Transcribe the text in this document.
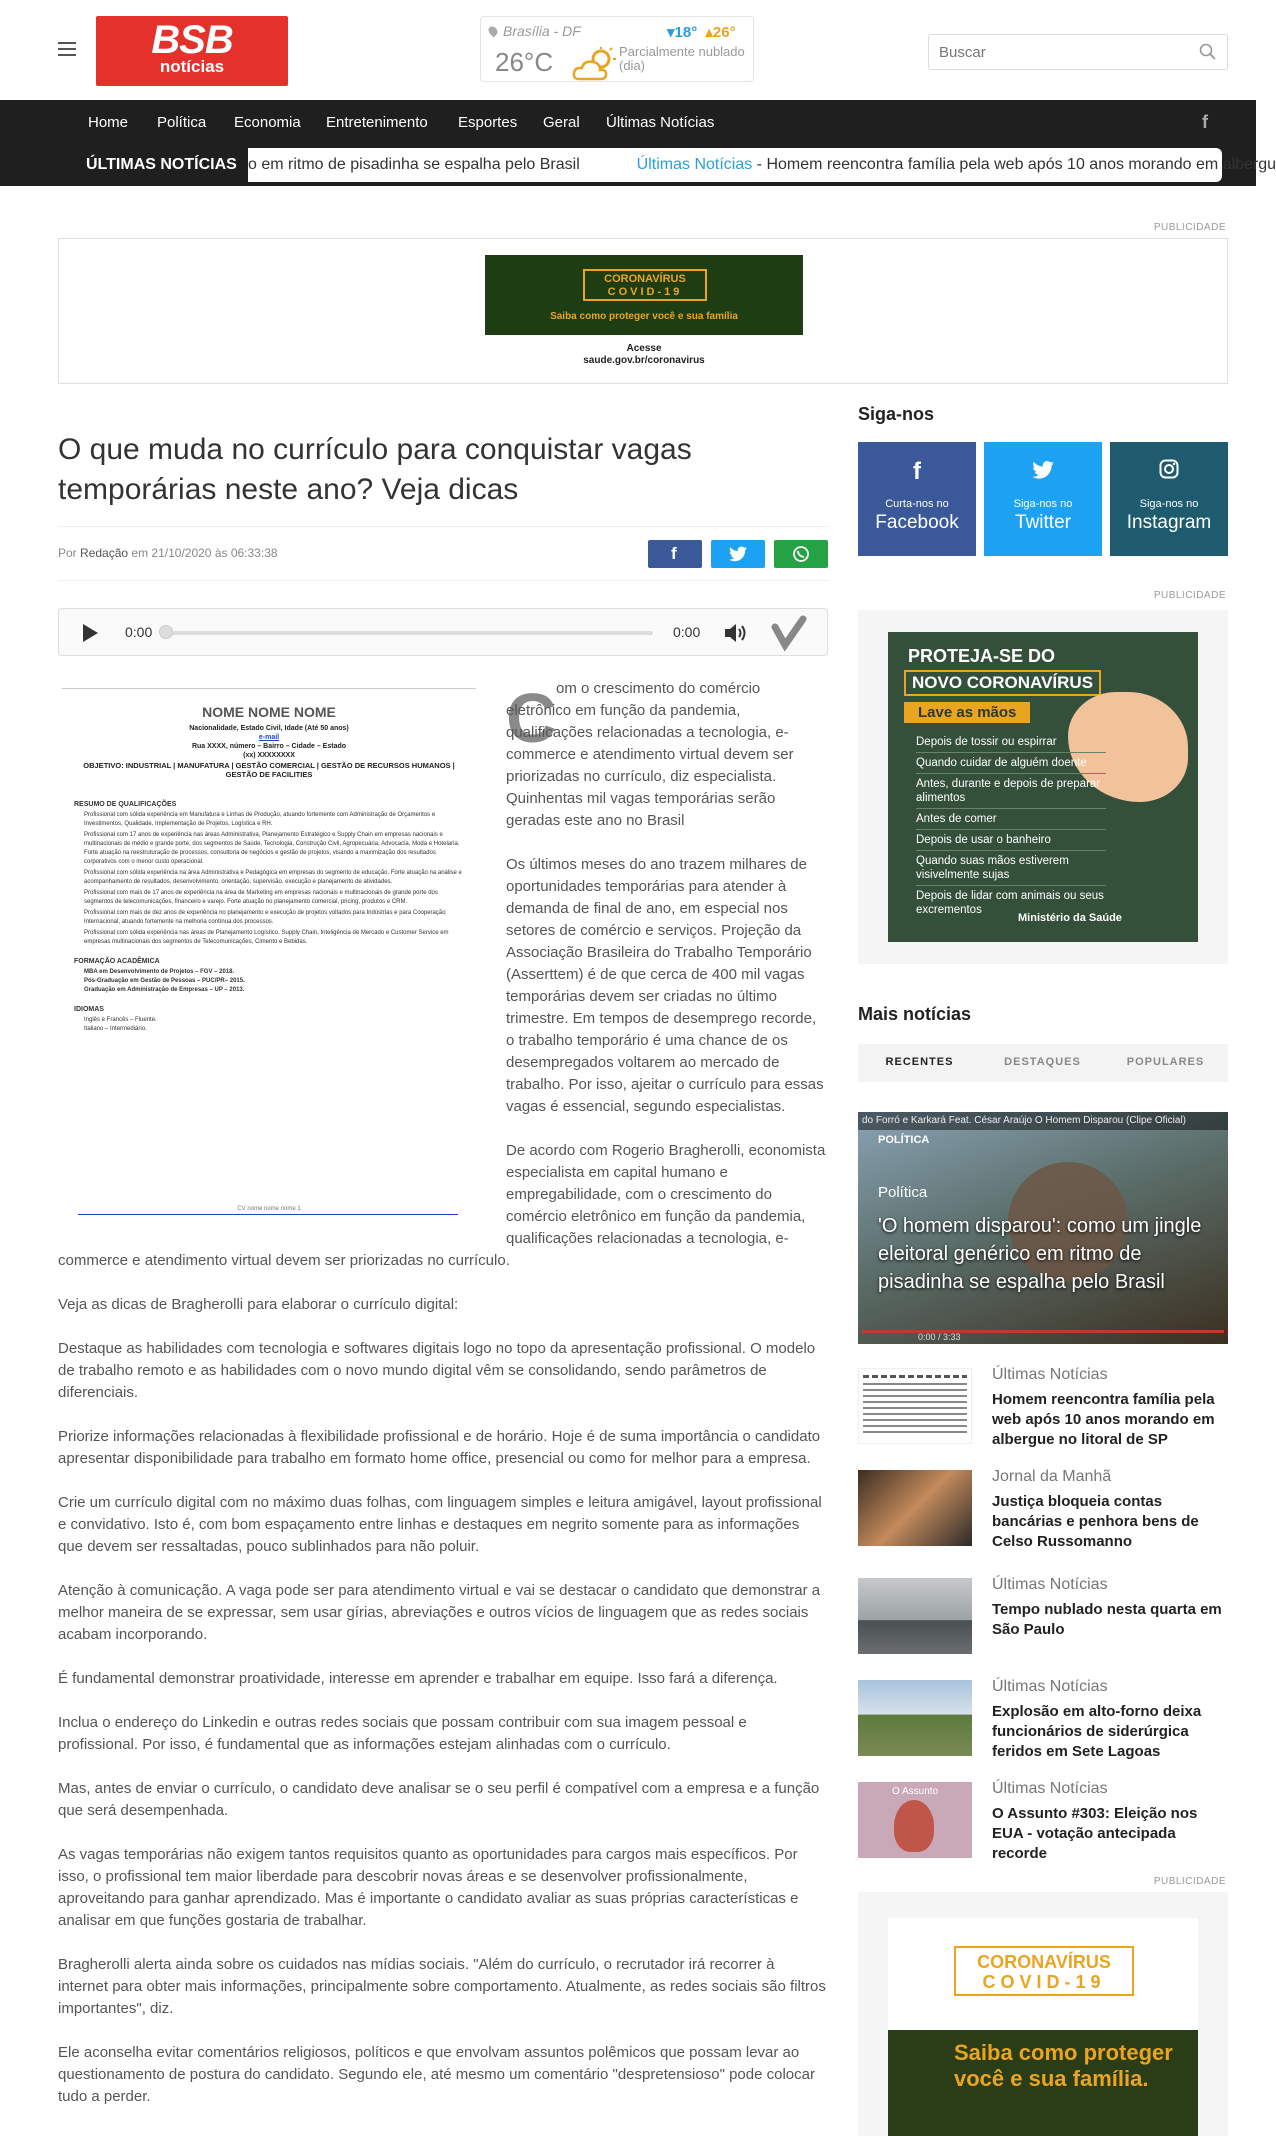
BSB
notícias
Brasília - DF	▾18° ▴26°
26°C	Parcialmente nublado (dia)
Buscar
Home Política Economia Entretenimento Esportes Geral Últimas Notícias	f
ÚLTIMAS NOTÍCIAS o em ritmo de pisadinha se espalha pelo Brasil	Últimas Notícias - Homem reencontra família pela web após 10 anos morando em albergu
PUBLICIDADE
CORONAVÍRUS
COVID-19
Saiba como proteger você e sua família
Acesse
saude.gov.br/coronavirus
O que muda no currículo para conquistar vagas temporárias neste ano? Veja dicas
Por Redação em 21/10/2020 às 06:33:38	f
0:00	0:00
NOME NOME NOME
Nacionalidade, Estado Civil, Idade (Até 50 anos)
e-mail
Rua XXXX, número – Bairro – Cidade – Estado
(xx) XXXXXXXX
OBJETIVO: INDUSTRIAL | MANUFATURA | GESTÃO COMERCIAL | GESTÃO DE RECURSOS HUMANOS | GESTÃO DE FACILITIES
RESUMO DE QUALIFICAÇÕES
Profissional com sólida experiência em Manufatura e Linhas de Produção, atuando fortemente com Administração de Orçamentos e Investimentos, Qualidade, Implementação de Projetos, Logística e RH.
Profissional com 17 anos de experiência nas áreas Administrativa, Planejamento Estratégico e Supply Chain em empresas nacionais e multinacionais de médio e grande porte, dos segmentos de Saúde, Tecnologia, Construção Civil, Agropecuária, Advocacia, Moda e Hotelaria. Forte atuação na reestruturação de processos, consultoria de negócios e gestão de projetos, visando a maximização dos resultados corporativos com o menor custo operacional.
Profissional com sólida experiência na área Administrativa e Pedagógica em empresas do segmento de educação. Forte atuação na análise e acompanhamento de resultados, desenvolvimento, orientação, supervisão, execução e planejamento de atividades.
Profissional com mais de 17 anos de experiência na área de Marketing em empresas nacionais e multinacionais de grande porte dos segmentos de telecomunicações, financeiro e varejo. Forte atuação no planejamento comercial, pricing, produtos e CRM.
Profissional com mais de dez anos de experiência no planejamento e execução de projetos voltados para Indústrias e para Cooperação Internacional, atuando fortemente na melhoria contínua dos processos.
Profissional com sólida experiência nas áreas de Planejamento Logístico, Supply Chain, Inteligência de Mercado e Customer Service em empresas multinacionais dos segmentos de Telecomunicações, Cimento e Bebidas.
FORMAÇÃO ACADÊMICA
MBA em Desenvolvimento de Projetos – FGV – 2018.
Pós-Graduação em Gestão de Pessoas – PUC/PR– 2015.
Graduação em Administração de Empresas – UP – 2013.
IDIOMAS
Inglês e Francês – Fluente.
Italiano – Intermediário.
CV nome nome nome 1
C om o crescimento do comércio eletrônico em função da pandemia, qualificações relacionadas a tecnologia, e-commerce e atendimento virtual devem ser priorizadas no currículo, diz especialista. Quinhentas mil vagas temporárias serão geradas este ano no Brasil

Os últimos meses do ano trazem milhares de oportunidades temporárias para atender à demanda de final de ano, em especial nos setores de comércio e serviços. Projeção da Associação Brasileira do Trabalho Temporário (Asserttem) é de que cerca de 400 mil vagas temporárias devem ser criadas no último trimestre. Em tempos de desemprego recorde, o trabalho temporário é uma chance de os desempregados voltarem ao mercado de trabalho. Por isso, ajeitar o currículo para essas vagas é essencial, segundo especialistas.

De acordo com Rogerio Bragherolli, economista especialista em capital humano e empregabilidade, com o crescimento do comércio eletrônico em função da pandemia, qualificações relacionadas a tecnologia, e-

commerce e atendimento virtual devem ser priorizadas no currículo.

Veja as dicas de Bragherolli para elaborar o currículo digital:

Destaque as habilidades com tecnologia e softwares digitais logo no topo da apresentação profissional. O modelo de trabalho remoto e as habilidades com o novo mundo digital vêm se consolidando, sendo parâmetros de diferenciais.

Priorize informações relacionadas à flexibilidade profissional e de horário. Hoje é de suma importância o candidato apresentar disponibilidade para trabalho em formato home office, presencial ou como for melhor para a empresa.

Crie um currículo digital com no máximo duas folhas, com linguagem simples e leitura amigável, layout profissional e convidativo. Isto é, com bom espaçamento entre linhas e destaques em negrito somente para as informações que devem ser ressaltadas, pouco sublinhados para não poluir.

Atenção à comunicação. A vaga pode ser para atendimento virtual e vai se destacar o candidato que demonstrar a melhor maneira de se expressar, sem usar gírias, abreviações e outros vícios de linguagem que as redes sociais acabam incorporando.

É fundamental demonstrar proatividade, interesse em aprender e trabalhar em equipe. Isso fará a diferença.

Inclua o endereço do Linkedin e outras redes sociais que possam contribuir com sua imagem pessoal e profissional. Por isso, é fundamental que as informações estejam alinhadas com o currículo.

Mas, antes de enviar o currículo, o candidato deve analisar se o seu perfil é compatível com a empresa e a função que será desempenhada.

As vagas temporárias não exigem tantos requisitos quanto as oportunidades para cargos mais específicos. Por isso, o profissional tem maior liberdade para descobrir novas áreas e se desenvolver profissionalmente, aproveitando para ganhar aprendizado. Mas é importante o candidato avaliar as suas próprias características e analisar em que funções gostaria de trabalhar.

Bragherolli alerta ainda sobre os cuidados nas mídias sociais. "Além do currículo, o recrutador irá recorrer à internet para obter mais informações, principalmente sobre comportamento. Atualmente, as redes sociais são filtros importantes", diz.

Ele aconselha evitar comentários religiosos, políticos e que envolvam assuntos polêmicos que possam levar ao questionamento de postura do candidato. Segundo ele, até mesmo um comentário "despretensioso" pode colocar tudo a perder.

Siga-nos
f
Curta-nos no
Facebook
Siga-nos no
Twitter
Siga-nos no
Instagram
PUBLICIDADE
PROTEJA-SE DO
NOVO CORONAVÍRUS
Lave as mãos
Depois de tossir ou espirrar
Quando cuidar de alguém doente
Antes, durante e depois de preparar alimentos
Antes de comer
Depois de usar o banheiro
Quando suas mãos estiverem visivelmente sujas
Depois de lidar com animais ou seus excrementos
Ministério da Saúde
Mais notícias
RECENTES	DESTAQUES	POPULARES
do Forró e Karkará Feat. César Araújo O Homem Disparou (Clipe Oficial)
POLÍTICA
Política
'O homem disparou': como um jingle eleitoral genérico em ritmo de pisadinha se espalha pelo Brasil
0:00 / 3:33
Últimas Notícias
Homem reencontra família pela web após 10 anos morando em albergue no litoral de SP
Jornal da Manhã
Justiça bloqueia contas bancárias e penhora bens de Celso Russomanno
Últimas Notícias
Tempo nublado nesta quarta em São Paulo
Últimas Notícias
Explosão em alto-forno deixa funcionários de siderúrgica feridos em Sete Lagoas
O Assunto	Últimas Notícias
O Assunto #303: Eleição nos EUA - votação antecipada recorde
PUBLICIDADE
CORONAVÍRUS
COVID-19
Saiba como proteger você e sua família.
